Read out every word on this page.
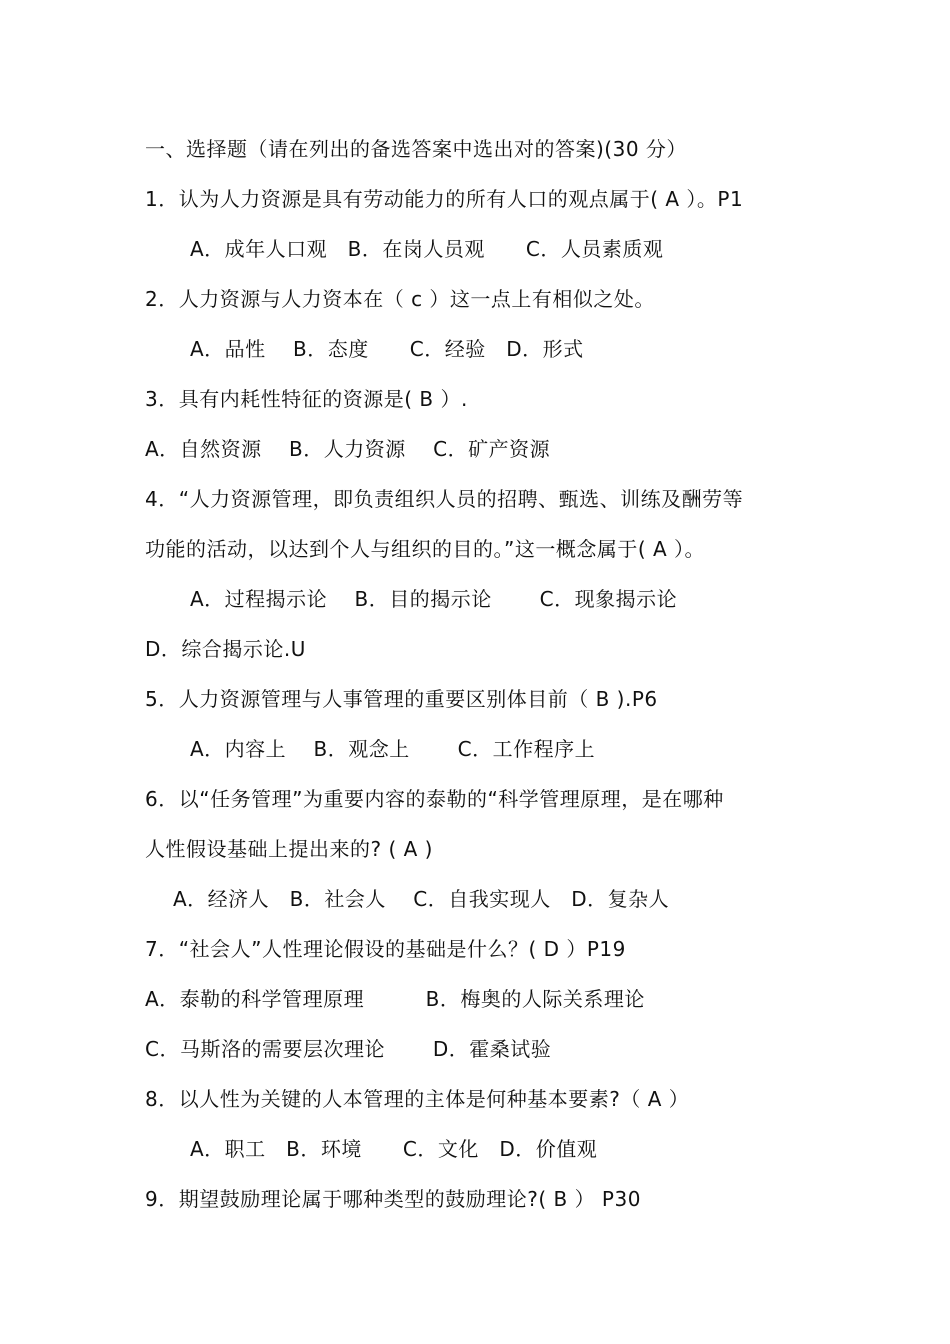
一、选择题（请在列出的备选答案中选出对的答案)(30 分）
1．认为人力资源是具有劳动能力的所有人口的观点属于( A ）。P1
A．成年人口观　B．在岗人员观　　C．人员素质观
2．人力资源与人力资本在（ c ）这一点上有相似之处。
A．品性　 B．态度　　C．经验　D．形式
3．具有内耗性特征的资源是( B ）.
A．自然资源　 B．人力资源　 C．矿产资源
4．“人力资源管理，即负责组织人员的招聘、甄选、训练及酬劳等
功能的活动，以达到个人与组织的目的。”这一概念属于( A ）。
A．过程揭示论　 B．目的揭示论　　 C．现象揭示论
D．综合揭示论.U
5．人力资源管理与人事管理的重要区别体目前（ B ).P6
A．内容上　 B．观念上　　 C．工作程序上
6．以“任务管理”为重要内容的泰勒的“科学管理原理，是在哪种
人性假设基础上提出来的? ( A )
A．经济人　B．社会人　 C．自我实现人　D．复杂人
7．“社会人”人性理论假设的基础是什么？( D ）P19
A．泰勒的科学管理原理　　　B．梅奥的人际关系理论
C．马斯洛的需要层次理论　　 D．霍桑试验
8．以人性为关键的人本管理的主体是何种基本要素?（ A ）
A．职工　B．环境　　C．文化　D．价值观
9．期望鼓励理论属于哪种类型的鼓励理论?( B ） P30
